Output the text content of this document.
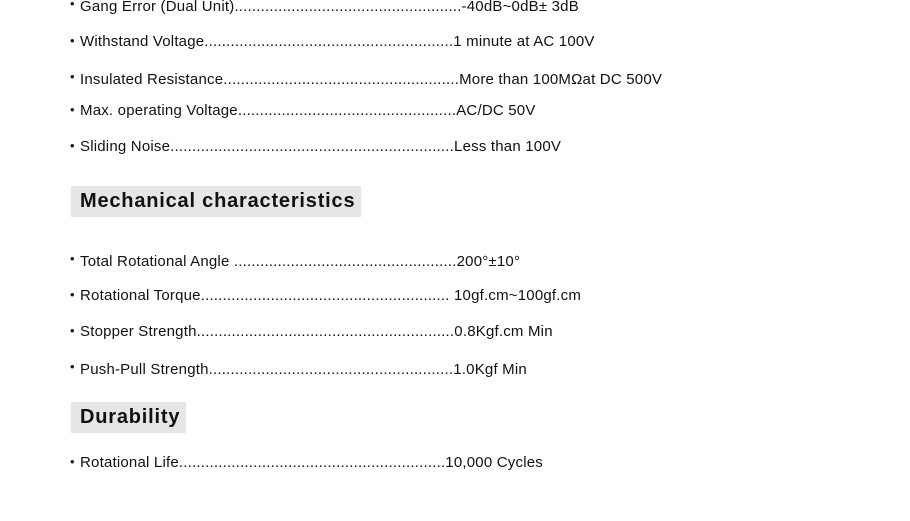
• Gang Error (Dual Unit)....................................................-40dB~0dB± 3dB
• Withstand Voltage.........................................................1 minute at AC 100V
• Insulated Resistance......................................................More than 100MΩat DC 500V
• Max. operating Voltage..................................................AC/DC 50V
• Sliding Noise.................................................................Less than 100V
Mechanical characteristics
• Total Rotational Angle ...................................................200°±10°
• Rotational Torque......................................................... 10gf.cm~100gf.cm
• Stopper Strength...........................................................0.8Kgf.cm Min
• Push-Pull Strength........................................................1.0Kgf Min
Durability
• Rotational Life.............................................................10,000 Cycles
